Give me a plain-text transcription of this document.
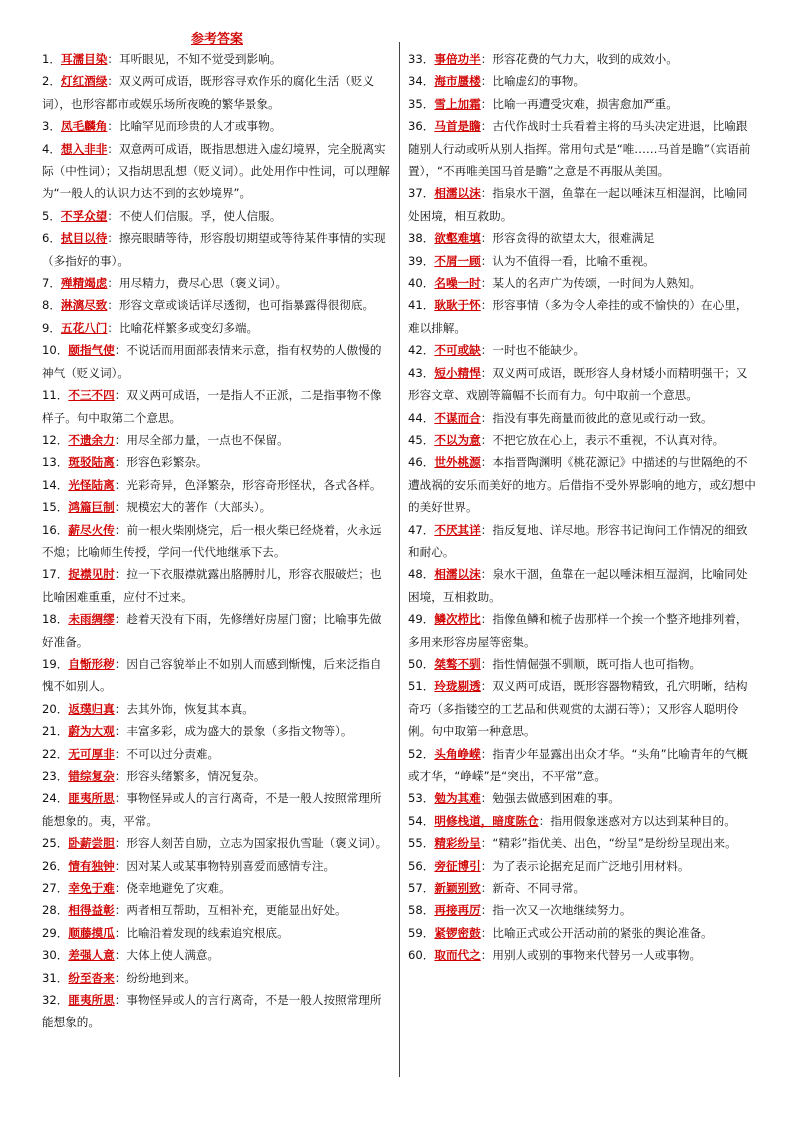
参考答案
1．耳濡目染：耳听眼见，不知不觉受到影响。
2．灯红酒绿：双义两可成语，既形容寻欢作乐的腐化生活（贬义词），也形容都市或娱乐场所夜晚的繁华景象。
3．凤毛麟角：比喻罕见而珍贵的人才或事物。
4．想入非非：双意两可成语，既指思想进入虚幻境界，完全脱离实际（中性词）；又指胡思乱想（贬义词）。此处用作中性词，可以理解为“一般人的认识力达不到的玄妙境界”。
5．不孚众望：不使人们信服。孚，使人信服。
6．拭目以待：擦亮眼睛等待，形容殷切期望或等待某件事情的实现（多指好的事）。
7．殚精竭虑：用尽精力，费尽心思（褒义词）。
8．淋漓尽致：形容文章或谈话详尽透彻，也可指暴露得很彻底。
9．五花八门：比喻花样繁多或变幻多端。
10．颐指气使：不说话而用面部表情来示意，指有权势的人傲慢的神气（贬义词）。
11．不三不四：双义两可成语，一是指人不正派，二是指事物不像样子。句中取第二个意思。
12．不遗余力：用尽全部力量，一点也不保留。
13．斑驳陆离：形容色彩繁杂。
14．光怪陆离：光彩奇异，色泽繁杂，形容奇形怪状，各式各样。
15．鸿篇巨制：规模宏大的著作（大部头）。
16．薪尽火传：前一根火柴刚烧完，后一根火柴已经烧着，火永远不熄；比喻师生传授，学问一代代地继承下去。
17．捉襟见肘：拉一下衣服襟就露出胳膊肘儿，形容衣服破烂；也比喻困难重重，应付不过来。
18．未雨绸缪：趁着天没有下雨，先修缮好房屋门窗；比喻事先做好准备。
19．自惭形秽：因自己容貌举止不如别人而感到惭愧，后来泛指自愧不如别人。
20．返璞归真：去其外饰，恢复其本真。
21．蔚为大观：丰富多彩，成为盛大的景象（多指文物等）。
22．无可厚非：不可以过分责难。
23．错综复杂：形容头绪繁多，情况复杂。
24．匪夷所思：事物怪异或人的言行离奇，不是一般人按照常理所能想象的。夷，平常。
25．卧薪尝胆：形容人刻苦自励，立志为国家报仇雪耻（褒义词）。
26．情有独钟：因对某人或某事物特别喜爱而感情专注。
27．幸免于难：侥幸地避免了灾难。
28．相得益彰：两者相互帮助，互相补充，更能显出好处。
29．顺藤摸瓜：比喻沿着发现的线索追究根底。
30．差强人意：大体上使人满意。
31．纷至沓来：纷纷地到来。
32．匪夷所思：事物怪异或人的言行离奇，不是一般人按照常理所能想象的。
33．事倍功半：形容花费的气力大，收到的成效小。
34．海市蜃楼：比喻虚幻的事物。
35．雪上加霜：比喻一再遭受灾难，损害愈加严重。
36．马首是瞻：古代作战时士兵看着主将的马头决定进退，比喻跟随别人行动或听从别人指挥。常用句式是“唯……马首是瞻”（宾语前置），“不再唯美国马首是瞻”之意是不再服从美国。
37．相濡以沫：指泉水干涸，鱼靠在一起以唾沫互相湿润，比喻同处困境，相互救助。
38．欲壑难填：形容贪得的欲望太大，很难满足
39．不屑一顾：认为不值得一看，比喻不重视。
40．名噪一时：某人的名声广为传颂，一时间为人熟知。
41．耿耿于怀：形容事情（多为令人牵挂的或不愉快的）在心里，难以排解。
42．不可或缺：一时也不能缺少。
43．短小精悍：双义两可成语，既形容人身材矮小而精明强干；又形容文章、戏剧等篇幅不长而有力。句中取前一个意思。
44．不谋而合：指没有事先商量而彼此的意见或行动一致。
45．不以为意：不把它放在心上，表示不重视，不认真对待。
46．世外桃源：本指晋陶渊明《桃花源记》中描述的与世隔绝的不遭战祸的安乐而美好的地方。后借指不受外界影响的地方，或幻想中的美好世界。
47．不厌其详：指反复地、详尽地。形容书记询问工作情况的细致和耐心。
48．相濡以沫：泉水干涸，鱼靠在一起以唾沫相互湿润，比喻同处困境，互相救助。
49．鳞次栉比：指像鱼鳞和梳子齿那样一个挨一个整齐地排列着，多用来形容房屋等密集。
50．桀骜不驯：指性情倔强不驯顺，既可指人也可指物。
51．玲珑剔透：双义两可成语，既形容器物精致，孔穴明晰，结构奇巧（多指镂空的工艺品和供观赏的太湖石等）；又形容人聪明伶俐。句中取第一种意思。
52．头角峥嵘：指青少年显露出出众才华。“头角”比喻青年的气概或才华，“峥嵘”是“突出，不平常”意。
53．勉为其难：勉强去做感到困难的事。
54．明修栈道，暗度陈仓：指用假象迷惑对方以达到某种目的。
55．精彩纷呈：“精彩”指优美、出色，“纷呈”是纷纷呈现出来。
56．旁征博引：为了表示论据充足而广泛地引用材料。
57．新颖别致：新奇、不同寻常。
58．再接再厉：指一次又一次地继续努力。
59．紧锣密鼓：比喻正式或公开活动前的紧张的舆论准备。
60．取而代之：用别人或别的事物来代替另一人或事物。
